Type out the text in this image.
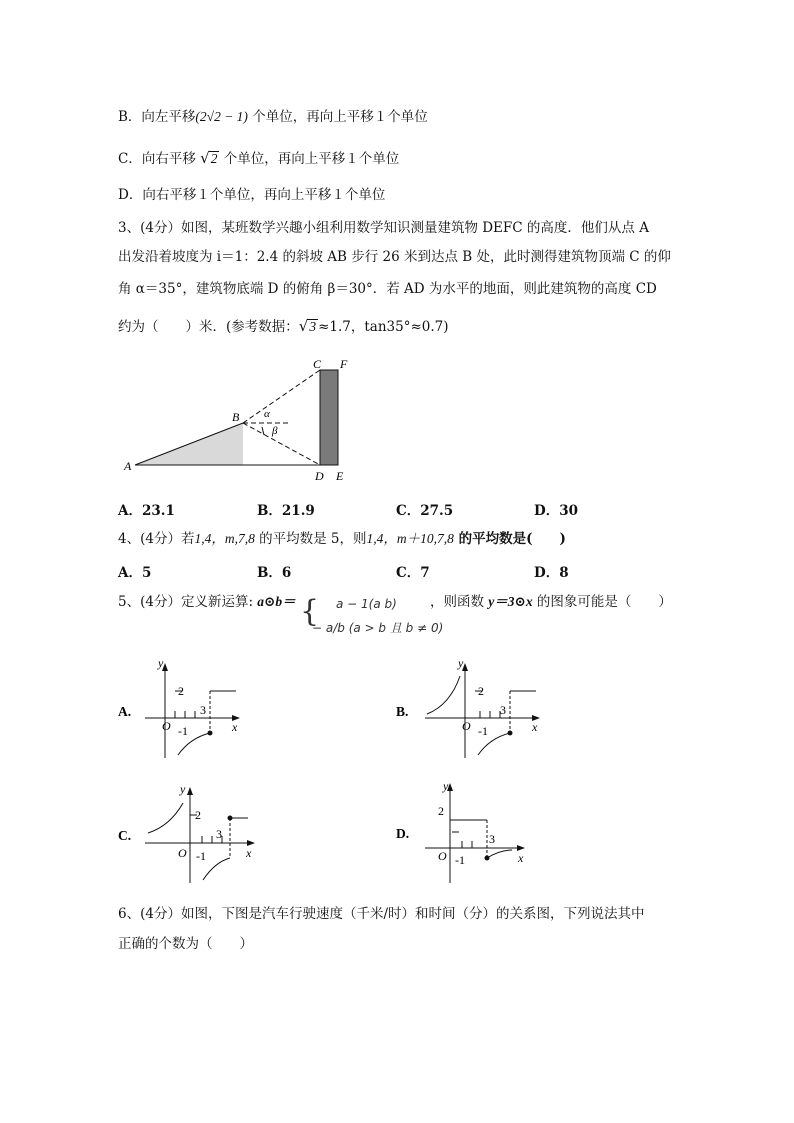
B．向左平移(2√2 − 1) 个单位，再向上平移１个单位
C．向右平移 √2 个单位，再向上平移１个单位
D．向右平移１个单位，再向上平移１个单位
3、(4分）如图，某班数学兴趣小组利用数学知识测量建筑物 DEFC 的高度．他们从点 A
出发沿着坡度为 i＝1：2.4 的斜坡 AB 步行 26 米到达点 B 处，此时测得建筑物顶端 C 的仰
角 α＝35°，建筑物底端 D 的俯角 β＝30°．若 AD 为水平的地面，则此建筑物的高度 CD
约为（　　）米．(参考数据：√3 ≈1.7，tan35°≈0.7)
C F
B
A
D E
α
β
A．23.1	B．21.9	C．27.5	D．30
4、(4分）若1,4，m,7,8 的平均数是 5，则1,4，m＋10,7,8 的平均数是(　　)
A．5	B．6	C．7	D．8
5、(4分）定义新运算: a⊙b＝ { a − 1(a b)
− a/b (a > b 且 b ≠ 0)
，则函数 y＝3⊙x 的图象可能是（　　）
y
x
O
2
3
-1
A.
y
x
O
2
3
-1
B.
y
x
O
2
3
-1
C.
y
x
O
2
3
-1
D.
6、(4分）如图，下图是汽车行驶速度（千米/时）和时间（分）的关系图，下列说法其中
正确的个数为（　　）
